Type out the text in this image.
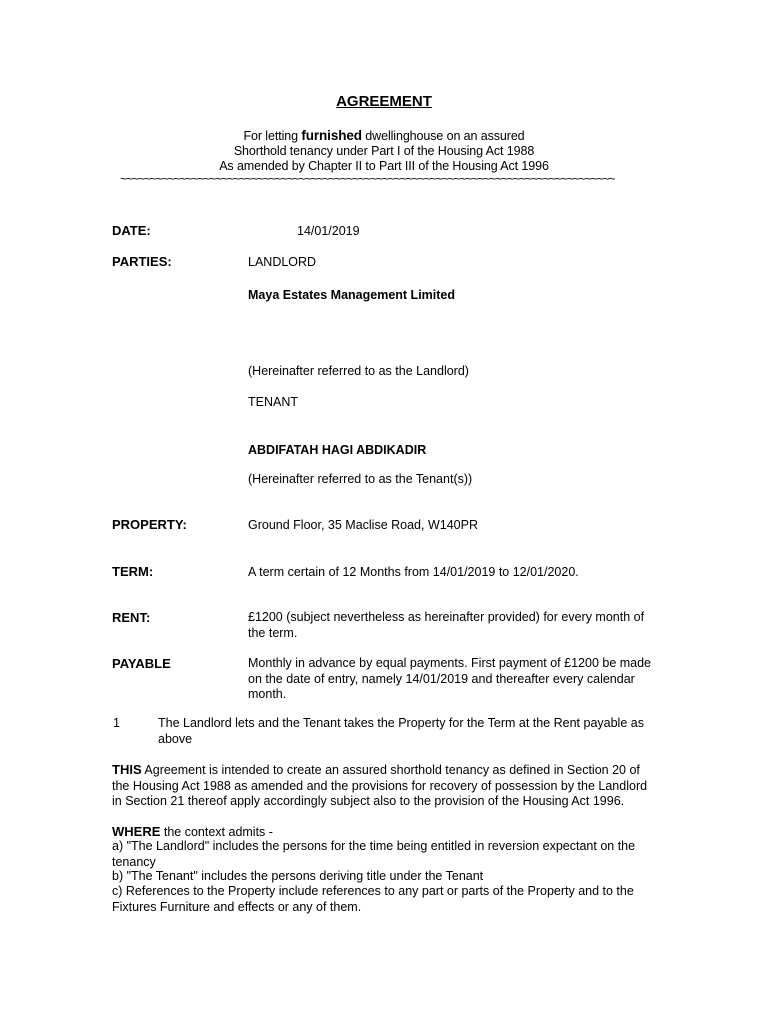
AGREEMENT
For letting furnished dwellinghouse on an assured
Shorthold tenancy under Part I of the Housing Act 1988
As amended by Chapter II to Part III of the Housing Act 1996
~~~~~~~~~~~~~~~~~~~~~~~~~~~~~~~~~~~~~~~~~~~~~~~~~~~~~~~~~~~~~~~~~~~~~~~~~~~~~~~~~~~
DATE:	14/01/2019
PARTIES:	LANDLORD
Maya Estates Management Limited
(Hereinafter referred to as the Landlord)
TENANT
ABDIFATAH HAGI ABDIKADIR
(Hereinafter referred to as the Tenant(s))
PROPERTY:	Ground Floor, 35 Maclise Road, W140PR
TERM:	A term certain of 12 Months from 14/01/2019 to 12/01/2020.
RENT:	£1200 (subject nevertheless as hereinafter provided) for every month of the term.
PAYABLE	Monthly in advance by equal payments. First payment of £1200 be made on the date of entry, namely 14/01/2019 and thereafter every calendar month.
1	The Landlord lets and the Tenant takes the Property for the Term at the Rent payable as above
THIS Agreement is intended to create an assured shorthold tenancy as defined in Section 20 of the Housing Act 1988 as amended and the provisions for recovery of possession by the Landlord in Section 21 thereof apply accordingly subject also to the provision of the Housing Act 1996.
WHERE the context admits -
a) "The Landlord" includes the persons for the time being entitled in reversion expectant on the tenancy
b) "The Tenant" includes the persons deriving title under the Tenant
c) References to the Property include references to any part or parts of the Property and to the Fixtures Furniture and effects or any of them.
